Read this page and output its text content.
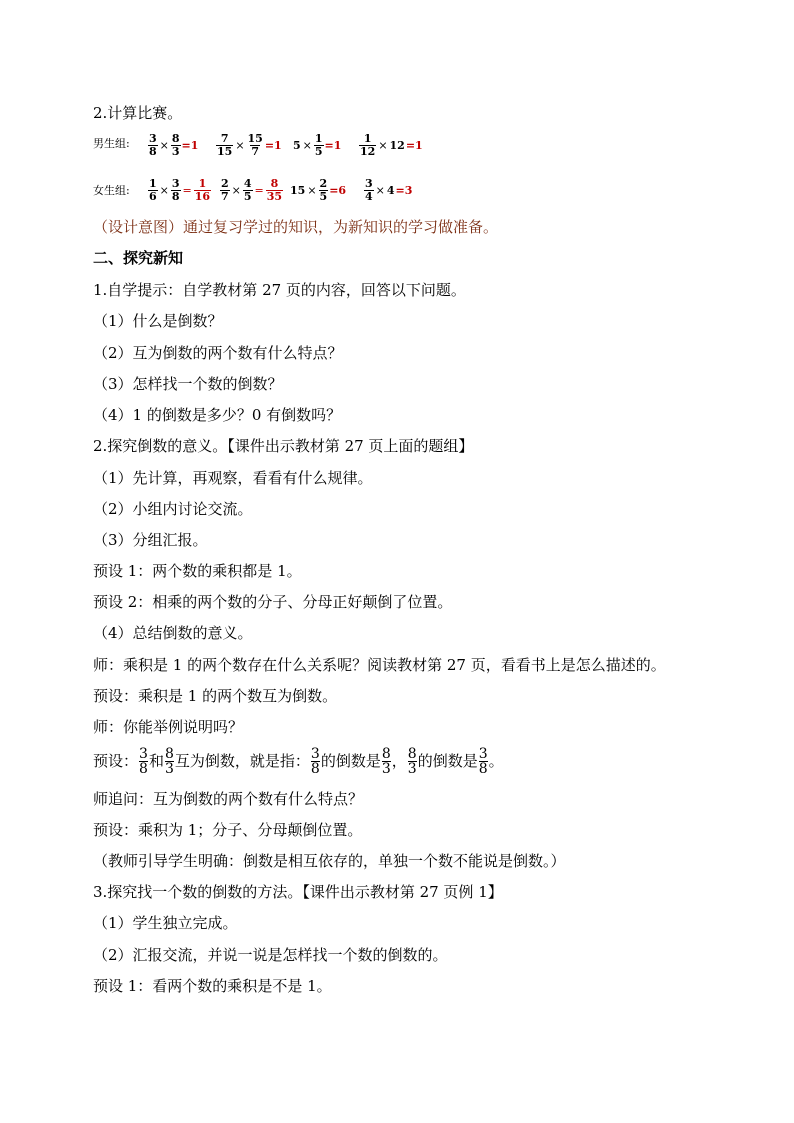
2.计算比赛。
男生组: $\frac{3}{8} \times \frac{8}{3} =1 \frac{7}{15} \times \frac{15}{7} =1$ $5 \times \frac{1}{5} =1 \frac{1}{12} \times 12 =1$
女生组: $\frac{1}{6} \times \frac{3}{8} = \frac{1}{16} \frac{2}{7} \times \frac{4}{5} = \frac{8}{35} 15 \times \frac{2}{5} =6 \frac{3}{4} \times 4 =3$
（设计意图）通过复习学过的知识，为新知识的学习做准备。
二、探究新知
1.自学提示：自学教材第 27 页的内容，回答以下问题。
（1）什么是倒数？
（2）互为倒数的两个数有什么特点？
（3）怎样找一个数的倒数？
（4）1 的倒数是多少？0 有倒数吗？
2.探究倒数的意义。【课件出示教材第 27 页上面的题组】
（1）先计算，再观察，看看有什么规律。
（2）小组内讨论交流。
（3）分组汇报。
预设 1：两个数的乘积都是 1。
预设 2：相乘的两个数的分子、分母正好颠倒了位置。
（4）总结倒数的意义。
师：乘积是 1 的两个数存在什么关系呢？阅读教材第 27 页，看看书上是怎么描述的。
预设：乘积是 1 的两个数互为倒数。
师：你能举例说明吗？
预设： $\frac{3}{8}$ 和 $\frac{8}{3}$ 互为倒数，就是指： $\frac{3}{8}$ 的倒数是 $\frac{8}{3}$ ， $\frac{8}{3}$ 的倒数是 $\frac{3}{8}$ 。
师追问：互为倒数的两个数有什么特点？
预设：乘积为 1；分子、分母颠倒位置。
（教师引导学生明确：倒数是相互依存的，单独一个数不能说是倒数。）
3.探究找一个数的倒数的方法。【课件出示教材第 27 页例 1】
（1）学生独立完成。
（2）汇报交流，并说一说是怎样找一个数的倒数的。
预设 1：看两个数的乘积是不是 1。
